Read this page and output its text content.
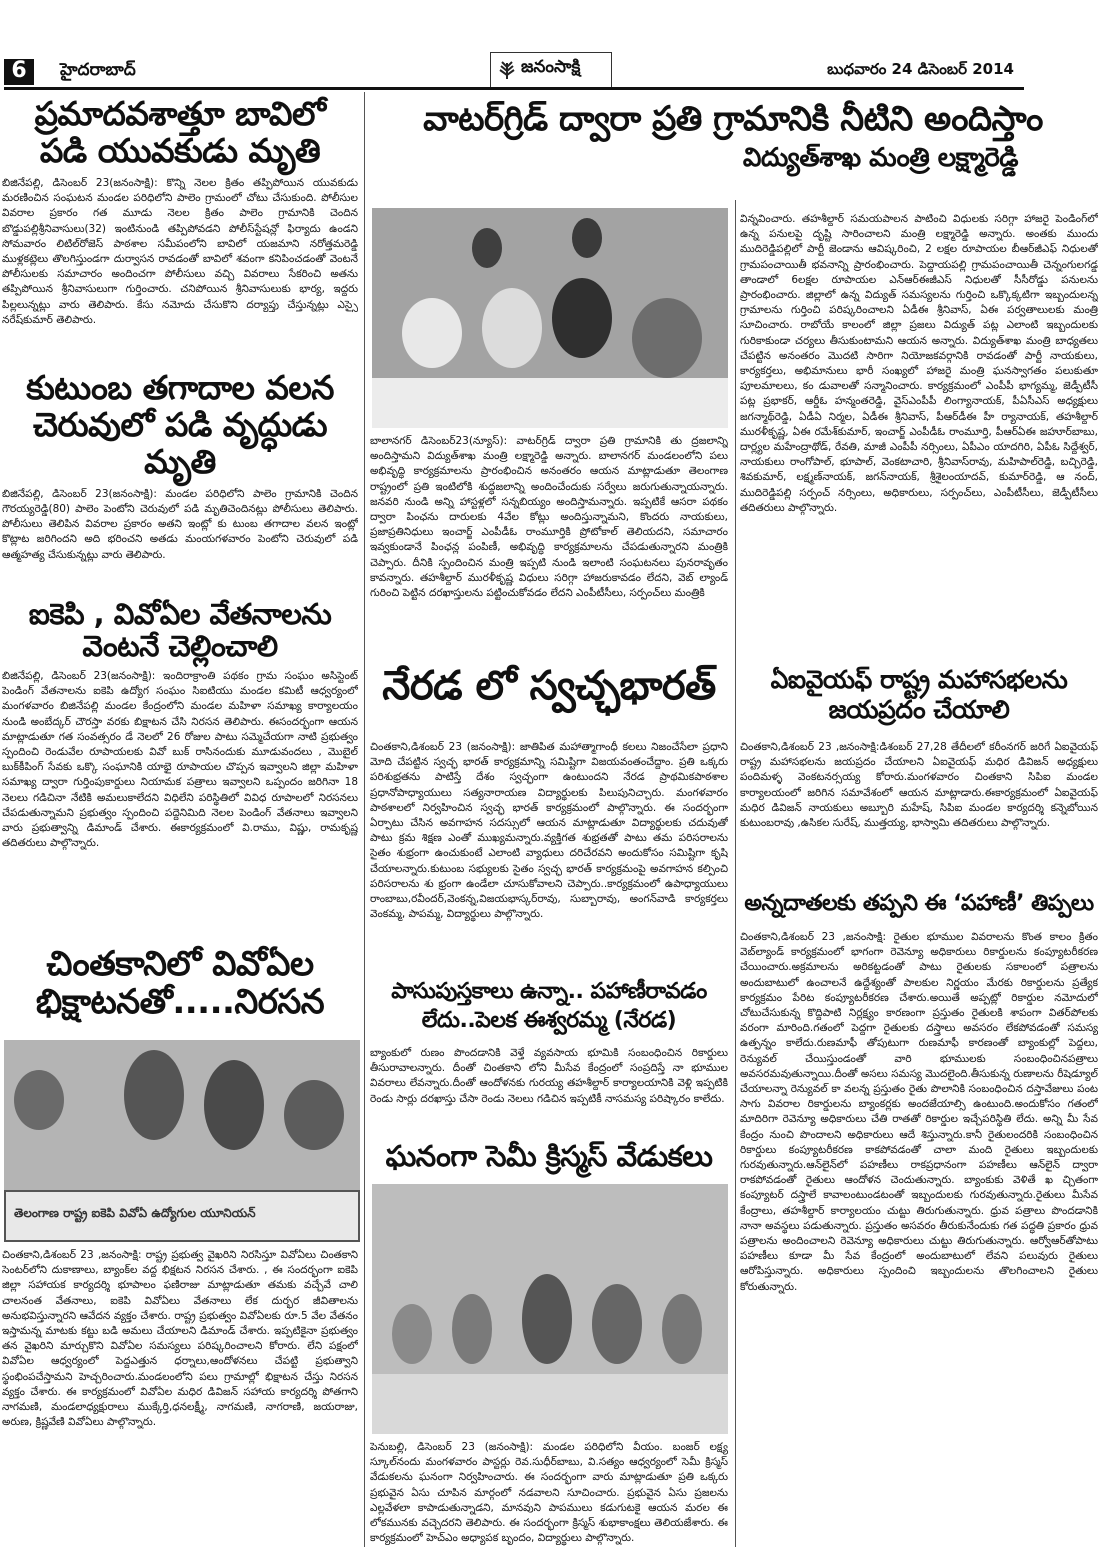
6	హైదరాబాద్	జనంసాక్షి	బుధవారం 24 డిసెంబర్ 2014
ప్రమాదవశాత్తూ బావిలో
పడి యువకుడు మృతి

బిజినేపల్లి, డిసెంబర్ 23(జనంసాక్షి): కొన్ని నెలల క్రితం తప్పిపోయిన యువకుడు మరణించిన సంఘటన మండల పరిధిలోని పాలెం గ్రామంలో చోటు చేసుకుంది. పోలీసుల వివరాల ప్రకారం గత మూడు నెలల క్రితం పాలెం గ్రామానికి చెందిన బొడ్డుపల్లిశ్రీనివాసులు(32) ఇంటినుండి తప్పిపోవడని పోలీస్‌స్టేషన్లో ఫిర్యాదు ఉండని సోమవారం లిటిల్‌రోజెస్ పాఠశాల సమీపంలోని బావిలో యజమాని నరోత్తమరెడ్డి ముళ్లకట్లెలు తొలగిస్తుండగా దుర్వాసన రావడంతో బావిలో శవంగా కనిపించడంతో వెంటనే పోలీసులకు సమాచారం అందించగా పోలీసులు వచ్చి వివరాలు సేకరించి అతను తప్పిపోయిన శ్రీనివాసులుగా గుర్తించారు. చనిపోయిన శ్రీనివాసులుకు భార్య, ఇద్దరు పిల్లలున్నట్లు వారు తెలిపారు. కేసు నమోదు చేసుకొని దర్యాప్తు చేస్తున్నట్లు ఎస్సై నరేష్‌కుమార్ తెలిపారు.

కుటుంబ తగాదాల వలన
చెరువులో పడి వృద్ధుడు మృతి

బిజినేపల్లి, డిసెంబర్ 23(జనంసాక్షి): మండల పరిధిలోని పాలెం గ్రామానికి చెందిన గౌరయ్యరెడ్డి(80) పాలెం పెంటోని చెరువులో పడి మృతిచెందినట్లు పోలీసులు తెలిపారు. పోలీసులు తెలిపిన వివరాల ప్రకారం అతని ఇంట్లో కు టుంబ తగాదాల వలన ఇంట్లో కొట్లాట జరిగిందని అది భరించని అతడు మంయగళవారం పెంటోని చెరువులో పడి ఆత్మహత్య చేసుకున్నట్లు వారు తెలిపారు.

ఐకెపి , వివోఏల వేతనాలను
వెంటనే చెల్లించాలి

బిజినేపల్లి, డిసెంబర్ 23(జనంసాక్షి): ఇందిరాక్రాంతి పథకం గ్రామ సంఘం అసిస్టెంట్ పెండింగ్ వేతనాలను ఐకెపి ఉద్యోగ సంఘం సిఐటియు మండల కమిటీ ఆధ్వర్యంలో మంగళవారం బిజినేపల్లి మండల కేంద్రంలోని మండల మహిళా సమాఖ్య కార్యాలయం నుండి అంబేద్కర్ చౌరస్తా వరకు బిక్షాటన చేసి నిరసన తెలిపారు. ఈసందర్భంగా ఆయన మాట్లాడుతూ గత సంవత్సరం డే నెలలో 26 రోజుల పాటు సమ్మెచేయగా నాటి ప్రభుత్వం స్పందించి రెండువేల రూపాయలకు వివో బుక్ రాసినందుకు మూడువందలు , మొబైల్ బుక్‌కీపింగ్ సేవకు ఒక్కొ సంఘానికి యాభై రూపాయల చొప్పన ఇవ్వాలని జిల్లా మహిళా సమాఖ్య ద్వారా గుర్తింపుకార్డులు నియామక పత్రాలు ఇవ్వాలని ఒప్పందం జరిగినా 18 నెలలు గడిచినా నేటికి అమలుకాలేదని విధిలేని పరిస్థితిలో వివిధ రూపాలలో నిరసనలు చేపడుతున్నామని ప్రభుత్వం స్పందించి పద్దెనిమిది నెలల పెండింగ్ వేతనాలు ఇవ్వాలని వారు ప్రభుత్వాన్ని డిమాండ్ చేశారు. ఈకార్యక్రమంలో వి.రాము, విష్ణు, రామకృష్ణ తదితరులు పాల్గొన్నారు.

చింతకానిలో వివోఏల
భిక్షాటనతో.....నిరసన
తెలంగాణ రాష్ట్ర ఐకెపి వివోఏ ఉద్యోగుల యూనియన్

చింతకాని,డిశంబర్ 23 ,జనంసాక్షి: రాష్ట్ర ప్రభుత్వ వైఖరిని నిరసిస్తూ వివోఏలు చింతకాని సెంటర్‌లోని దుకాణాలు, బ్యాంక్‌ల వద్ద భిక్షటన నిరసన చేశారు. , ఈ సందర్భంగా ఐకెపి జిల్లా సహాయక కార్యదర్శి భూపాలం ఫణిరాజు మాట్లాడుతూ తమకు వచ్చేవే చాలి చాలనంత వేతనాలు, ఐకెపి వివోఏలు వేతనాలు లేక దుర్భర జీవితాలను అనుభవిస్తున్నారని ఆవేదన వ్యక్తం చేశారు. రాష్ట్ర ప్రభుత్వం వివోఏలకు రూ.5 వేల వేతనం ఇస్తామన్న మాటకు కట్టు బడి అమలు చేయాలని డిమాండ్ చేశారు. ఇప్పటికైనా ప్రభుత్వం తన వైఖరిని మార్చుకొని వివోఏల సమస్యలు పరిష్కరించాలని కోరారు. లేని పక్షంలో వివోఏల ఆధ్వర్యంలో పెద్దఎత్తున ధర్నాలు,ఆందోళనలు చేపట్టి ప్రభుత్వాని స్థంభింపచేస్తామని హెచ్చరించారు.మండలంలోని పలు గ్రామాల్లో భిక్షాటన చేస్తు నిరసన వ్యక్తం చేశారు. ఈ కార్యక్రమంలో వివోఏల మధిర డివిజన్ సహాయ కార్యదర్శి పోతగాని నాగమణి, మండలాధ్యక్షురాలు ముక్కేర్తి,ధనలక్ష్మీ, నాగమణి, నాగరాణి, జయరాజు, అరుణ, క్రిష్ణవేణి వివోఏలు పాల్గొన్నారు.

వాటర్‌గ్రిడ్ ద్వారా ప్రతి గ్రామానికి నీటిని అందిస్తాం
విద్యుత్‌శాఖ మంత్రి లక్ష్మారెడ్డి

బాలానగర్ డిసెంబర్23(న్యూస్): వాటర్‌గ్రిడ్ ద్వారా ప్రతి గ్రామానికి తు ద్రజలాన్ని అందిస్తామని విద్యుత్‌శాఖ మంత్రి లక్ష్మారెడ్డి అన్నారు. బాలానగర్ మండలంలోని పలు అభివృద్ధి కార్యక్రమాలను ప్రారంభించిన అనంతరం ఆయన మాట్లాడుతూ తెలంగాణ రాష్ట్రంలో ప్రతి ఇంటిలోకి శుద్ధజలాన్ని అందించేందుకు సర్వేలు జరుగుతున్నాయన్నారు. జనవరి నుండి అన్ని హాస్టళ్లలో సన్నబియ్యం అందిస్తామన్నారు. ఇప్పటికే ఆసరా పథకం ద్వారా పింఛను దారులకు 4వేల కోట్లు అందిస్తున్నామని, కొందరు నాయకులు, ప్రజాప్రతినిధులు ఇంచార్జ్ ఎంపీడీఓ రాంమూర్తికి ప్రోటోకాల్ తెలియదని, సమాచారం ఇవ్వకుండానే పింఛన్ల పంపిణీ, అభివృద్ధి కార్యక్రమాలను చేపడుతున్నారని మంత్రికి చెప్పారు. దీనికి స్పందించిన మంత్రి ఇప్పటి నుండి ఇలాంటి సంఘటనలు పునరావృతం కావన్నారు. తహశీల్దార్ మురళీకృష్ణ విధులు సరిగ్గా హాజరుకావడం లేదని, వెబ్ ల్యాండ్ గురించి పెట్టిన దరఖాస్తులను పట్టించుకోవడం లేదని ఎంపీటీసీలు, సర్పంచ్‌లు మంత్రికి

విన్నవించారు. తహశీల్దార్ సమయపాలన పాటించి విధులకు సరిగ్గా హాజరై పెండింగ్‌లో ఉన్న పనులపై దృష్టి సారించాలని మంత్రి లక్ష్మారెడ్డి అన్నారు. అంతకు ముందు ముదిరెడ్డిపల్లిలో పార్టీ జెండాను ఆవిష్కరించి, 2 లక్షల రూపాయల బీఆర్‌జీఎఫ్ నిధులతో గ్రామపంచాయితీ భవనాన్ని ప్రారంభించారు. పెద్దాయపల్లి గ్రామపంచాయితీ చెన్నంగులగడ్డ తాండాలో 6లక్షల రూపాయల ఎన్‌ఆర్‌ఈజీఎస్ నిధులతో సీసీరోడ్డు పనులను ప్రారంభించారు. జిల్లాలో ఉన్న విద్యుత్ సమస్యలను గుర్తించి ఒక్కొక్కటిగా ఇబ్బందులన్న గ్రామాలను గుర్తించి పరిష్కరించాలని ఏడీఈ శ్రీనివాస్, ఏఈ పర్వతాలులకు మంత్రి సూచించారు. రాబోయే కాలంలో జిల్లా ప్రజలు విద్యుత్ పట్ల ఎలాంటి ఇబ్బందులకు గురికాకుండా చర్యలు తీసుకుంటామని ఆయన అన్నారు. విద్యుత్‌శాఖ మంత్రి బాధ్యతలు చేపట్టిన అనంతరం మొదటి సారిగా నియోజకవర్గానికి రావడంతో పార్టీ నాయకులు, కార్యకర్తలు, అభిమానులు భారీ సంఖ్యలో హాజరై మంత్రి ఘనస్వాగతం పలుకుతూ పూలమాలలు, కం డువాలతో సన్మానించారు. కార్యక్రమంలో ఎంపీపీ భాగ్యమ్మ, జెడ్పీటీసీ పట్ల ప్రభాకర్, ఆర్డీఓ హన్మంతరెడ్డి, వైస్‌ఎంపీపీ లింగ్యానాయక్, పీఏసీఎస్ అధ్యక్షులు జగన్మాథ్‌రెడ్డి, ఏడీఏ నిర్మల, ఏడీఈ శ్రీనివాస్, పీఆర్‌డీఈ హీ ర్యానాయక్, తహశీల్దార్ మురళీకృష్ణ, ఏఈ రమేశ్‌కుమార్, ఇంచార్జ్ ఎంపీడీఓ రాంమూర్తి, పీఆర్‌ఏఈ జహూర్‌బాబు, దార్ల్యల మహేంద్రాథోడ్, రేవతి, మాజీ ఎంపీపీ నర్సింలు, ఏపీఎం యాదగిరి, ఏపీఓ సిద్దేశ్వర్, నాయకులు రాంగోపాల్, భూపాల్, వెంకటాచారి, శ్రీనివాస్‌రావు, మహిపాల్‌రెడ్డి, బచ్చిరెడ్డి, శివకుమార్, లక్ష్మణ్‌నాయక్, జగన్‌నాయక్, శ్రీశైలంయాదవ్, కుమార్‌రెడ్డి, ఆ నంద్, ముదిరెడ్డిపల్లి సర్పంచ్ నర్సింలు, అధికారులు, సర్పంచ్‌లు, ఎంపీటీసీలు, జెడ్పీటీసీలు తదితరులు పాల్గొన్నారు.

నేరడ లో స్వచ్ఛభారత్

చింతకాని,డిశంబర్ 23 (జనంసాక్షి): జాతిపిత మహాత్మాగాంధీ కలలు నిజంచేసేలా ప్రధాని మోది చేపట్టిన స్వచ్ఛ భారత్ కార్యక్రమాన్ని సమిష్టిగా విజయవంతంచేద్దాం. ప్రతి ఒక్కరు పరిశుభ్రతను పాటిస్తే దేశం స్వచ్ఛంగా ఉంటుందని నేరడ ప్రాథమికపాఠశాల ప్రధానోపాధ్యాయులు సత్యనారాయణ విద్యార్థులకు పిలుపునిచ్చారు. మంగళవారం పాఠశాలలో నిర్వహించిన స్వచ్ఛ భారత్ కార్యక్రమంలో పాల్గొన్నారు. ఈ సందర్భంగా ఏర్పాటు చేసిన అవగాహన సదస్సులో ఆయన మాట్లాడుతూ విద్యార్థులకు చదువుతో పాటు క్రమ శిక్షణ ఎంతో ముఖ్యమన్నారు.వ్యక్తిగత శుభ్రతతో పాటు తమ పరిసరాలను సైతం శుభ్రంగా ఉంచుకుంటే ఎలాంటి వ్యాధులు దరిచేరవని అందుకోసం సమిష్టిగా కృషి చేయాలన్నారు.కుటుంబ సభ్యులకు సైతం స్వచ్ఛ భారత్ కార్యక్రమంపై అవగాహన కల్పించి పరిసరాలను శు భ్రంగా ఉండేలా చూసుకోవాలని చెప్పారు..కార్యక్రమంలో ఉపాధ్యాయులు రాంబాబు,రవీందర్,వెంకన్న,విజయభాస్కర్‌రావు, సుబ్బారావు, అంగన్‌వాడి కార్యకర్తలు వెంకమ్మ, పాపమ్మ, విద్యార్థులు పాల్గొన్నారు.

పాసుపుస్తకాలు ఉన్నా.. పహాణీరావడం
లేదు..పెలక ఈశ్వరమ్మ (నేరడ)

బ్యాంకులో రుణం పొందడానికి వెళ్తే వ్యవసాయ భూమికి సంబంధించిన రికార్డులు తీసురావాలన్నారు. దీంతో చింతకాని లోని మీసేవ కేంద్రంలో సంప్రదిస్తే నా భూముల వివరాలు లేవన్నారు.దీంతో ఆందోళనకు గురయ్య తహశీల్దార్ కార్యాలయానికి వెళ్లి ఇప్పటికి రెండు సార్లు దరఖాస్తు చేసా రెండు నెలలు గడిచిన ఇప్పటికీ నాసమస్య పరిష్కారం కాలేదు.

ఘనంగా సెమీ క్రిస్మస్ వేడుకలు

పెనుబల్లి, డిసెంబర్ 23 (జనంసాక్షి): మండల పరిధిలోని వీయం. బంజర్ లక్ష్య స్కూల్‌నందు మంగళవారం పాస్టర్లు రెవ.సుధీర్‌బాబు, వి.సత్యం ఆధ్వర్యంలో సెమీ క్రిస్మస్ వేడుకలను ఘనంగా నిర్వహించారు. ఈ సందర్భంగా వారు మాట్లాడుతూ ప్రతి ఒక్కరు ప్రభువైన ఏసు చూపిన మార్గంలో నడవాలని సూచించారు. ప్రభువైన ఏసు ప్రజలను ఎల్లవేళలా కాపాడుతున్నాడని, మానవుని పాపములు కడుగుటకై ఆయన మరల ఈ లోకమునకు వచ్చెదరని తెలిపారు. ఈ సందర్భంగా క్రిస్మస్ శుభాకాంక్షలు తెలియజేశారు. ఈ కార్యక్రమంలో హెచ్‌ఎం అధ్యాపక బృందం, విద్యార్థులు పాల్గొన్నారు.

ఏఐవైయఫ్ రాష్ట్ర మహాసభలను
జయప్రదం చేయాలి

చింతకాని,డిశంబర్ 23 ,జనంసాక్షి:డిశంబర్ 27,28 తేదీలలో కరీంనగర్ జరిగే ఏఐవైయఫ్ రాష్ట్ర మహాసభలను జయప్రదం చేయాలని ఏఐవైయఫ్ మధిర డివిజన్ అధ్యక్షులు పందిమళ్ళ వెంకటనర్సయ్య కోరారు.మంగళవారం చింతకాని సిపిఐ మండల కార్యాలయంలో జరిగిన సమావేశంలో ఆయన మాట్లాడారు.ఈకార్యక్రమంలో ఏఐవైయఫ్ మధిర డివిజన్ నాయకులు అబ్బూరి మహేష్, సిపిఐ మండల కార్యదర్శి కన్నెబోయిన కుటుంబరావు ,ఉసికల సురేష్, ముత్తయ్య, భాస్వామి తదితరులు పాల్గొన్నారు.

అన్నదాతలకు తప్పని ఈ ‘పహాణీ’ తిప్పలు

చింతకాని,డిశంబర్ 23 ,జనంసాక్షి: రైతుల భూముల వివరాలను కొంత కాలం క్రితం వెబ్‌ల్యాండ్ కార్యక్రమంలో భాగంగా రెవెన్యూ అధికారులు రికార్డులను కంప్యూటరీకరణ చేయించారు.అక్రమాలను అరికట్టడంతో పాటు రైతులకు సకాలంలో పత్రాలను అందుబాటులో ఉంచాలనే ఉద్దేశ్యంతో పాలకుల నిర్ణయం మేరకు రికార్డులను ప్రత్యేక కార్యక్రమం పేరిట కంప్యూటరీకరణ చేశారు.అయితే అప్పట్లో రికార్డుల నమోదులో చోటుచేసుకున్న కొద్దిపాటి నిర్లక్ష్యం కారణంగా ప్రస్తుతం రైతులకి శాపంగా వితర్‌పోలకు వరంగా మారింది.గతంలో పెద్దగా రైతులకు దస్త్రాలు అవసరం లేకపోవడంతో సమస్య ఉత్పన్నం కాలేదు.రుణమాఫీ తోపుటుగా రుణమాఫీ కారణంతో బ్యాంకుల్లో పెద్దలు, రెన్యువల్ చేయిస్తుండంతో వారి భూములకు సంబంధించినపత్రాలు అవసరమవుతున్నాయి.దీంతో అసలు సమస్య మొదలైంది.తీసుకున్న రుణాలను రీషెడ్యూల్ చేయాలన్నా రెన్యువల్ కా వలన్న ప్రస్తుతం రైతు పొలానికి సంబంధించిన దస్తావేజులు పంట సాగు వివరాల రికార్డులను బ్యాంకర్లకు అందజేయాల్సి ఉంటుంది.అందుకోసం గతంలో మాదిరిగా రెవెన్యూ అధికారులు చేతి రాతతో రికార్డుల ఇచ్చేపరిస్థితి లేదు. అన్ని మీ సేవ కేంద్రం నుంచి పొందాలని అధికారులు ఆదే శిస్తున్నారు.కానీ రైతులందరికి సంబంధించిన రికార్డులు కంప్యూటరీకరణ కాకపోవడంతో చాలా మంది రైతులు ఇబ్బందులకు గురవుతున్నారు.ఆన్‌లైన్‌లో పహణీలు రాకప్రధానంగా పహణీలు ఆన్‌లైన్ ద్వారా రాకపోవడంతో రైతులు ఆందోళన చెందుతున్నారు. బ్యాంకుకు వెళితే ఖ చ్చితంగా కంప్యూటర్ దస్త్రాలే కావాలంటుండటంతో ఇబ్బందులకు గురవుతున్నారు.రైతులు మీసేవ కేంద్రాలు, తహశీల్దార్ కార్యాలయం చుట్టు తిరుగుతున్నారు. ధ్రువ పత్రాలు పొందడానికి నానా అవస్థలు పడుతున్నారు. ప్రస్తుతం అసవరం తీరుకునేందుకు గత పద్ధతి ప్రకారం ధ్రువ పత్రాలను అందించాలని రెవెన్యూ అధికారులు చుట్టు తిరుగుతున్నారు. ఆర్వోఆర్‌తోపాటు పహణీలు కూడా మీ సేవ కేంద్రంలో అందుబాటులో లేవని పలువురు రైతులు ఆరోపిస్తున్నారు. అధికారులు స్పందించి ఇబ్బందులను తొలగించాలని రైతులు కోరుతున్నారు.
